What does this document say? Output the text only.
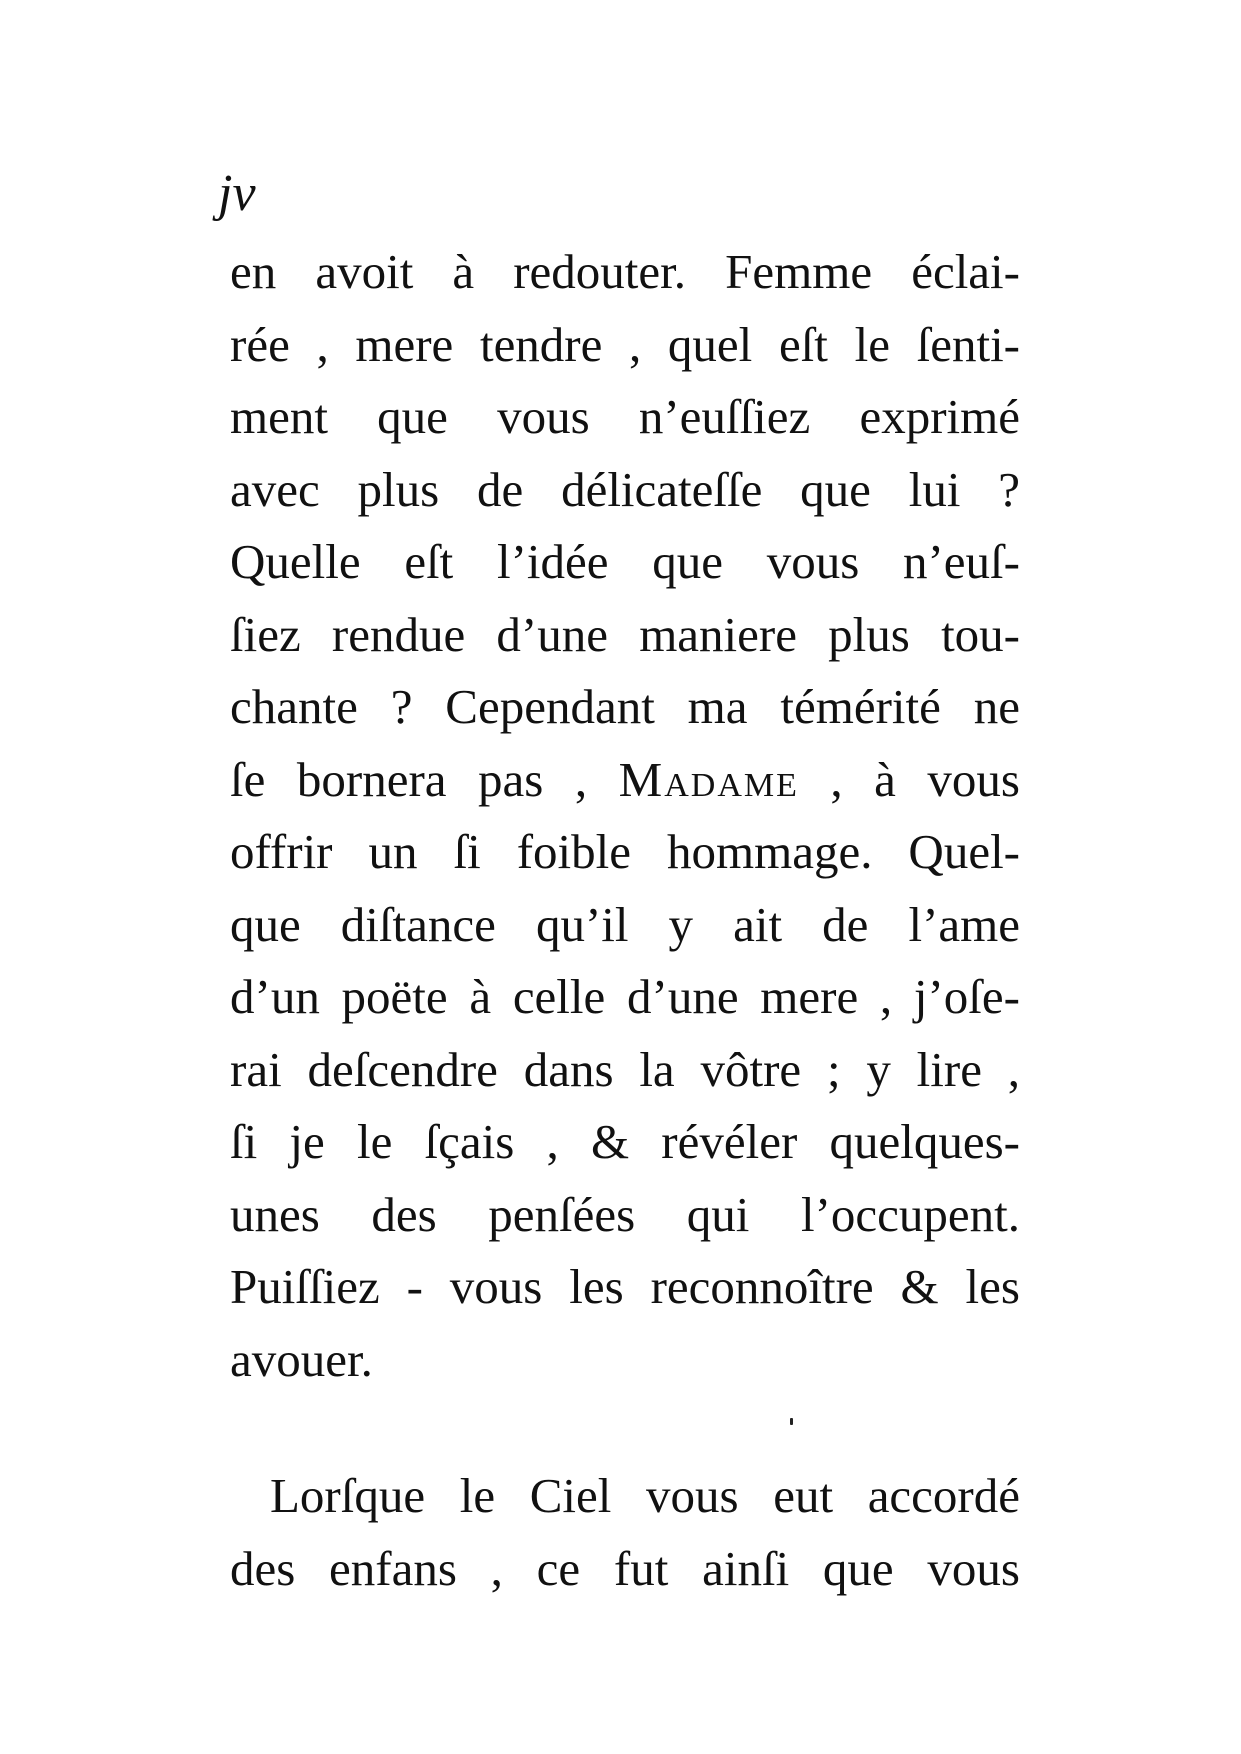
jv
en avoit à redouter. Femme éclai-
rée , mere tendre , quel eſt le ſenti-
ment que vous n’euſſiez exprimé
avec plus de délicateſſe que lui ?
Quelle eſt l’idée que vous n’euſ-
ſiez rendue d’une maniere plus tou-
chante ? Cependant ma témérité ne
ſe bornera pas , Madame , à vous
offrir un ſi foible hommage. Quel-
que diſtance qu’il y ait de l’ame
d’un poëte à celle d’une mere , j’oſe-
rai deſcendre dans la vôtre ; y lire ,
ſi je le ſçais , & révéler quelques-
unes des penſées qui l’occupent.
Puiſſiez - vous les reconnoître & les
avouer.
Lorſque le Ciel vous eut accordé
des enfans , ce fut ainſi que vous
